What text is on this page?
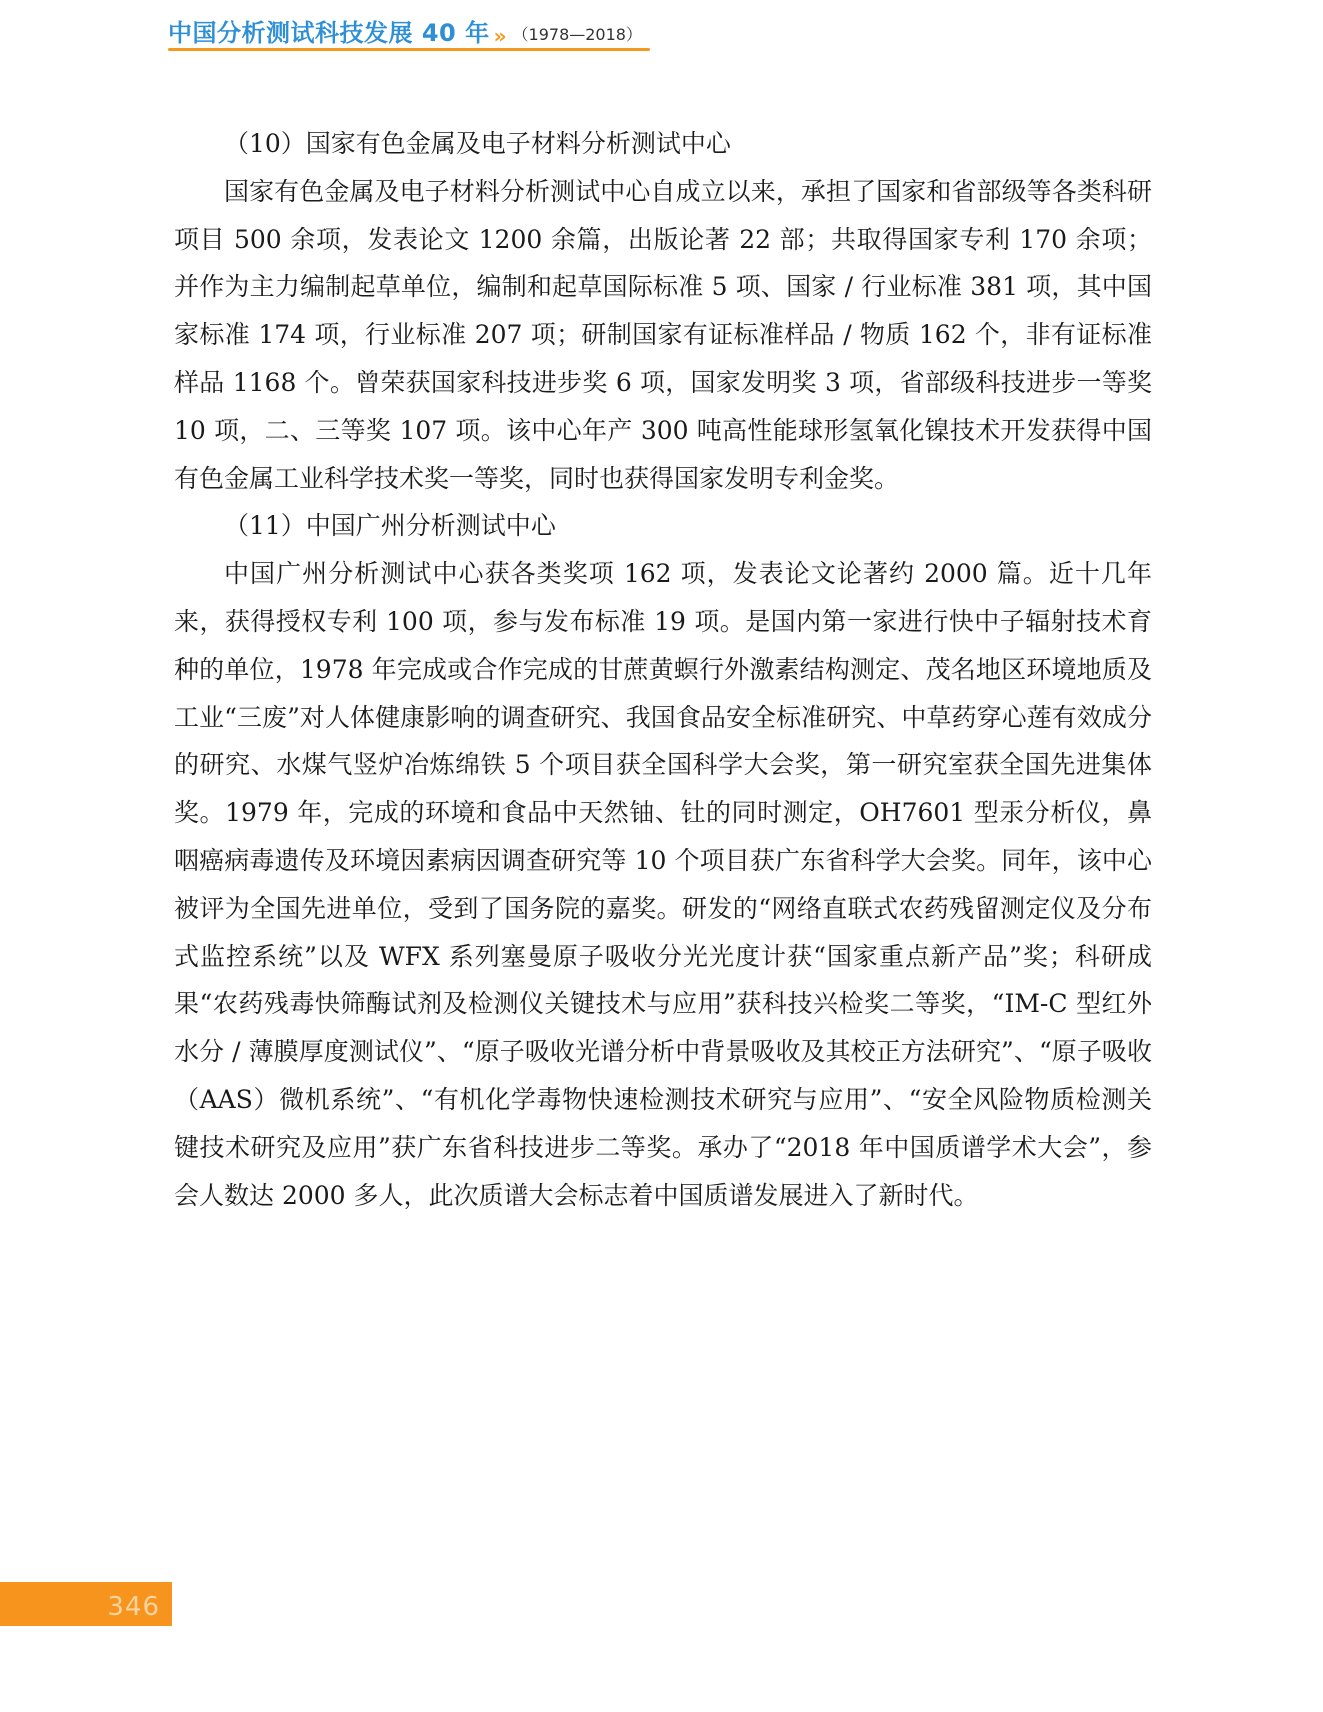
中国分析测试科技发展 40 年 » （1978—2018）

（10）国家有色金属及电子材料分析测试中心

国家有色金属及电子材料分析测试中心自成立以来，承担了国家和省部级等各类科研项目 500 余项，发表论文 1200 余篇，出版论著 22 部；共取得国家专利 170 余项；并作为主力编制起草单位，编制和起草国际标准 5 项、国家 / 行业标准 381 项，其中国家标准 174 项，行业标准 207 项；研制国家有证标准样品 / 物质 162 个，非有证标准样品 1168 个。曾荣获国家科技进步奖 6 项，国家发明奖 3 项，省部级科技进步一等奖 10 项，二、三等奖 107 项。该中心年产 300 吨高性能球形氢氧化镍技术开发获得中国有色金属工业科学技术奖一等奖，同时也获得国家发明专利金奖。

（11）中国广州分析测试中心

中国广州分析测试中心获各类奖项 162 项，发表论文论著约 2000 篇。近十几年来，获得授权专利 100 项，参与发布标准 19 项。是国内第一家进行快中子辐射技术育种的单位，1978 年完成或合作完成的甘蔗黄螟行外激素结构测定、茂名地区环境地质及工业“三废”对人体健康影响的调查研究、我国食品安全标准研究、中草药穿心莲有效成分的研究、水煤气竖炉冶炼绵铁 5 个项目获全国科学大会奖，第一研究室获全国先进集体奖。1979 年，完成的环境和食品中天然铀、钍的同时测定，OH7601 型汞分析仪，鼻咽癌病毒遗传及环境因素病因调查研究等 10 个项目获广东省科学大会奖。同年，该中心被评为全国先进单位，受到了国务院的嘉奖。研发的“网络直联式农药残留测定仪及分布式监控系统”以及 WFX 系列塞曼原子吸收分光光度计获“国家重点新产品”奖；科研成果“农药残毒快筛酶试剂及检测仪关键技术与应用”获科技兴检奖二等奖，“IM-C 型红外水分 / 薄膜厚度测试仪”、“原子吸收光谱分析中背景吸收及其校正方法研究”、“原子吸收（AAS）微机系统”、“有机化学毒物快速检测技术研究与应用”、“安全风险物质检测关键技术研究及应用”获广东省科技进步二等奖。承办了“2018 年中国质谱学术大会”，参会人数达 2000 多人，此次质谱大会标志着中国质谱发展进入了新时代。

346
